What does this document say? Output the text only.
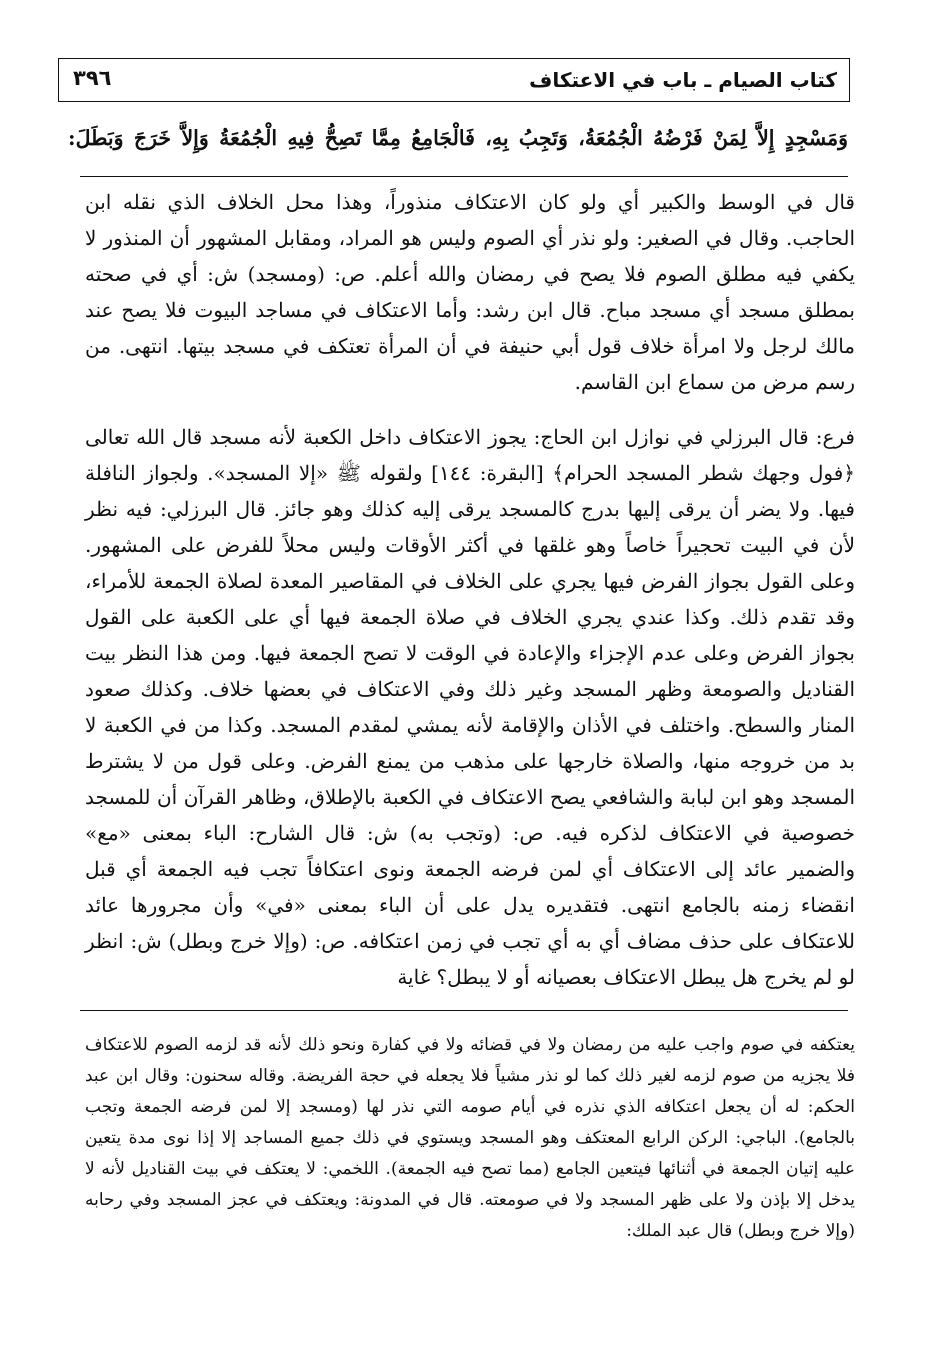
كتاب الصيام ـ باب في الاعتكاف
٣٩٦
وَمَسْجِدٍ إِلاَّ لِمَنْ فَرْضُهُ الْجُمُعَةُ، وَتَجِبُ بِهِ، فَالْجَامِعُ مِمَّا تَصِحُّ فِيهِ الْجُمُعَةُ وَإِلاَّ خَرَجَ وَبَطَلَ:

قال في الوسط والكبير أي ولو كان الاعتكاف منذوراً، وهذا محل الخلاف الذي نقله ابن الحاجب. وقال في الصغير: ولو نذر أي الصوم وليس هو المراد، ومقابل المشهور أن المنذور لا يكفي فيه مطلق الصوم فلا يصح في رمضان والله أعلم. ص: (ومسجد) ش: أي في صحته بمطلق مسجد أي مسجد مباح. قال ابن رشد: وأما الاعتكاف في مساجد البيوت فلا يصح عند مالك لرجل ولا امرأة خلاف قول أبي حنيفة في أن المرأة تعتكف في مسجد بيتها. انتهى. من رسم مرض من سماع ابن القاسم.

فرع: قال البرزلي في نوازل ابن الحاج: يجوز الاعتكاف داخل الكعبة لأنه مسجد قال الله تعالى ﴿فول وجهك شطر المسجد الحرام﴾ [البقرة: ١٤٤] ولقوله ﷺ «إلا المسجد». ولجواز النافلة فيها. ولا يضر أن يرقى إليها بدرج كالمسجد يرقى إليه كذلك وهو جائز. قال البرزلي: فيه نظر لأن في البيت تحجيراً خاصاً وهو غلقها في أكثر الأوقات وليس محلاً للفرض على المشهور. وعلى القول بجواز الفرض فيها يجري على الخلاف في المقاصير المعدة لصلاة الجمعة للأمراء، وقد تقدم ذلك. وكذا عندي يجري الخلاف في صلاة الجمعة فيها أي على الكعبة على القول بجواز الفرض وعلى عدم الإجزاء والإعادة في الوقت لا تصح الجمعة فيها. ومن هذا النظر بيت القناديل والصومعة وظهر المسجد وغير ذلك وفي الاعتكاف في بعضها خلاف. وكذلك صعود المنار والسطح. واختلف في الأذان والإقامة لأنه يمشي لمقدم المسجد. وكذا من في الكعبة لا بد من خروجه منها، والصلاة خارجها على مذهب من يمنع الفرض. وعلى قول من لا يشترط المسجد وهو ابن لبابة والشافعي يصح الاعتكاف في الكعبة بالإطلاق، وظاهر القرآن أن للمسجد خصوصية في الاعتكاف لذكره فيه. ص: (وتجب به) ش: قال الشارح: الباء بمعنى «مع» والضمير عائد إلى الاعتكاف أي لمن فرضه الجمعة ونوى اعتكافاً تجب فيه الجمعة أي قبل انقضاء زمنه بالجامع انتهى. فتقديره يدل على أن الباء بمعنى «في» وأن مجرورها عائد للاعتكاف على حذف مضاف أي به أي تجب في زمن اعتكافه. ص: (وإلا خرج وبطل) ش: انظر لو لم يخرج هل يبطل الاعتكاف بعصيانه أو لا يبطل؟ غاية

يعتكفه في صوم واجب عليه من رمضان ولا في قضائه ولا في كفارة ونحو ذلك لأنه قد لزمه الصوم للاعتكاف فلا يجزيه من صوم لزمه لغير ذلك كما لو نذر مشياً فلا يجعله في حجة الفريضة. وقاله سحنون: وقال ابن عبد الحكم: له أن يجعل اعتكافه الذي نذره في أيام صومه التي نذر لها (ومسجد إلا لمن فرضه الجمعة وتجب بالجامع). الباجي: الركن الرابع المعتكف وهو المسجد ويستوي في ذلك جميع المساجد إلا إذا نوى مدة يتعين عليه إتيان الجمعة في أثنائها فيتعين الجامع (مما تصح فيه الجمعة). اللخمي: لا يعتكف في بيت القناديل لأنه لا يدخل إلا بإذن ولا على ظهر المسجد ولا في صومعته. قال في المدونة: ويعتكف في عجز المسجد وفي رحابه (وإلا خرج وبطل) قال عبد الملك:
